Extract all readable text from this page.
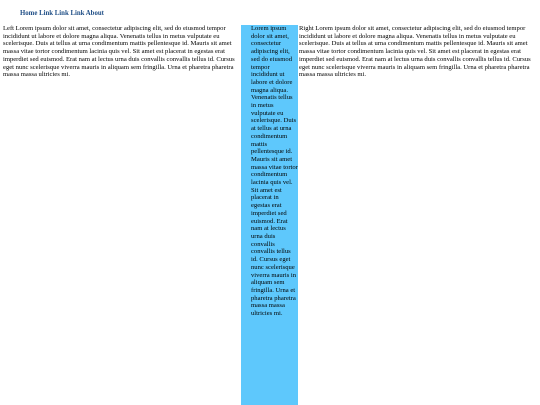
Home Link Link Link About
Left Lorem ipsum dolor sit amet, consectetur adipiscing elit, sed do eiusmod tempor incididunt ut labore et dolore magna aliqua. Venenatis tellus in metus vulputate eu scelerisque. Duis at tellus at urna condimentum mattis pellentesque id. Mauris sit amet massa vitae tortor condimentum lacinia quis vel. Sit amet est placerat in egestas erat imperdiet sed euismod. Erat nam at lectus urna duis convallis convallis tellus id. Cursus eget nunc scelerisque viverra mauris in aliquam sem fringilla. Urna et pharetra pharetra massa massa ultricies mi.
Lorem ipsum dolor sit amet, consectetur adipiscing elit, sed do eiusmod tempor incididunt ut labore et dolore magna aliqua. Venenatis tellus in metus vulputate eu scelerisque. Duis at tellus at urna condimentum mattis pellentesque id. Mauris sit amet massa vitae tortor condimentum lacinia quis vel. Sit amet est placerat in egestas erat imperdiet sed euismod. Erat nam at lectus urna duis convallis convallis tellus id. Cursus eget nunc scelerisque viverra mauris in aliquam sem fringilla. Urna et pharetra pharetra massa massa ultricies mi.
Right Lorem ipsum dolor sit amet, consectetur adipiscing elit, sed do eiusmod tempor incididunt ut labore et dolore magna aliqua. Venenatis tellus in metus vulputate eu scelerisque. Duis at tellus at urna condimentum mattis pellentesque id. Mauris sit amet massa vitae tortor condimentum lacinia quis vel. Sit amet est placerat in egestas erat imperdiet sed euismod. Erat nam at lectus urna duis convallis convallis tellus id. Cursus eget nunc scelerisque viverra mauris in aliquam sem fringilla. Urna et pharetra pharetra massa massa ultricies mi.
